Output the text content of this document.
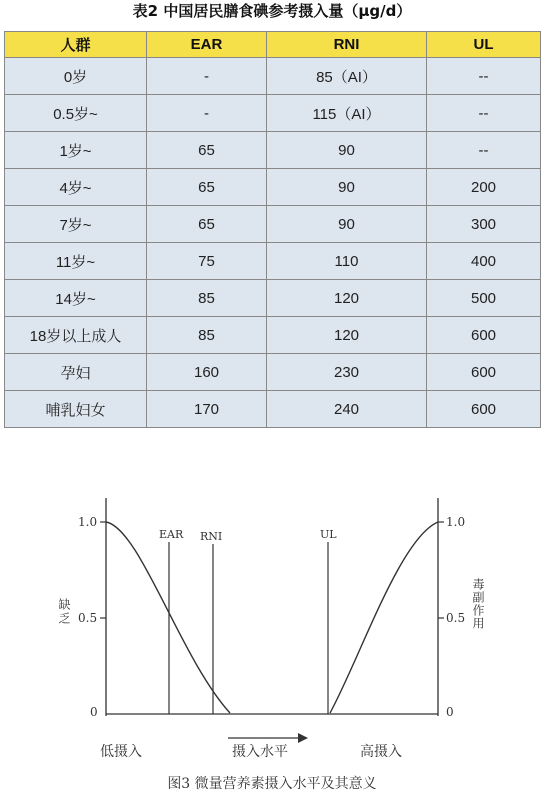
表2 中国居民膳食碘参考摄入量（μg/d）
人群	EAR	RNI	UL
0岁	-	85（AI）	--
0.5岁~	-	115（AI）	--
1岁~	65	90	--
4岁~	65	90	200
7岁~	65	90	300
11岁~	75	110	400
14岁~	85	120	500
18岁以上成人	85	120	600
孕妇	160	230	600
哺乳妇女	170	240	600
1.0
0.5
0
1.0
0.5
0
缺乏	毒副作用
EAR RNI	UL
低摄入	摄入水平	高摄入
图3 微量营养素摄入水平及其意义
